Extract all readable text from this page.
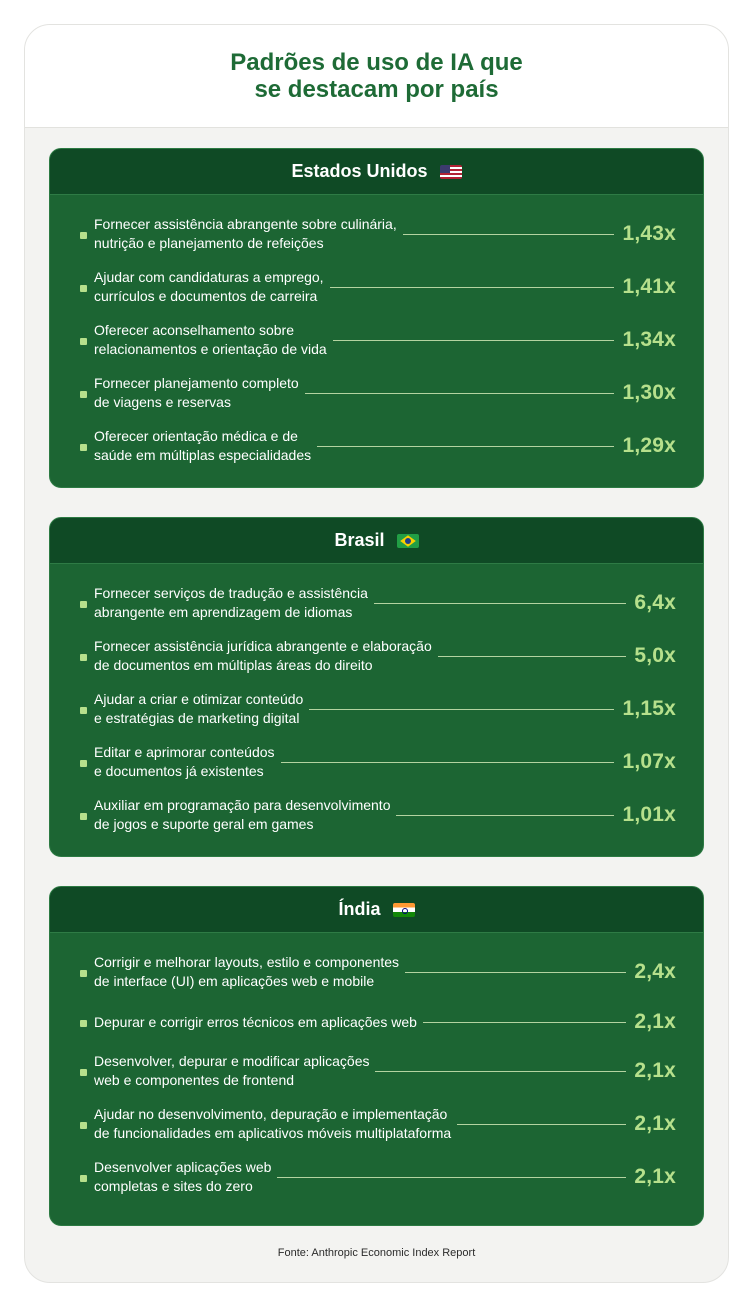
Padrões de uso de IA que
se destacam por país
Estados Unidos
Fornecer assistência abrangente sobre culinária,
nutrição e planejamento de refeições	1,43x
Ajudar com candidaturas a emprego,
currículos e documentos de carreira	1,41x
Oferecer aconselhamento sobre
relacionamentos e orientação de vida	1,34x
Fornecer planejamento completo
de viagens e reservas	1,30x
Oferecer orientação médica e de
saúde em múltiplas especialidades	1,29x
Brasil
Fornecer serviços de tradução e assistência
abrangente em aprendizagem de idiomas	6,4x
Fornecer assistência jurídica abrangente e elaboração
de documentos em múltiplas áreas do direito	5,0x
Ajudar a criar e otimizar conteúdo
e estratégias de marketing digital	1,15x
Editar e aprimorar conteúdos
e documentos já existentes	1,07x
Auxiliar em programação para desenvolvimento
de jogos e suporte geral em games	1,01x
Índia
Corrigir e melhorar layouts, estilo e componentes
de interface (UI) em aplicações web e mobile	2,4x
Depurar e corrigir erros técnicos em aplicações web	2,1x
Desenvolver, depurar e modificar aplicações
web e componentes de frontend	2,1x
Ajudar no desenvolvimento, depuração e implementação
de funcionalidades em aplicativos móveis multiplataforma	2,1x
Desenvolver aplicações web
completas e sites do zero	2,1x
Fonte: Anthropic Economic Index Report
